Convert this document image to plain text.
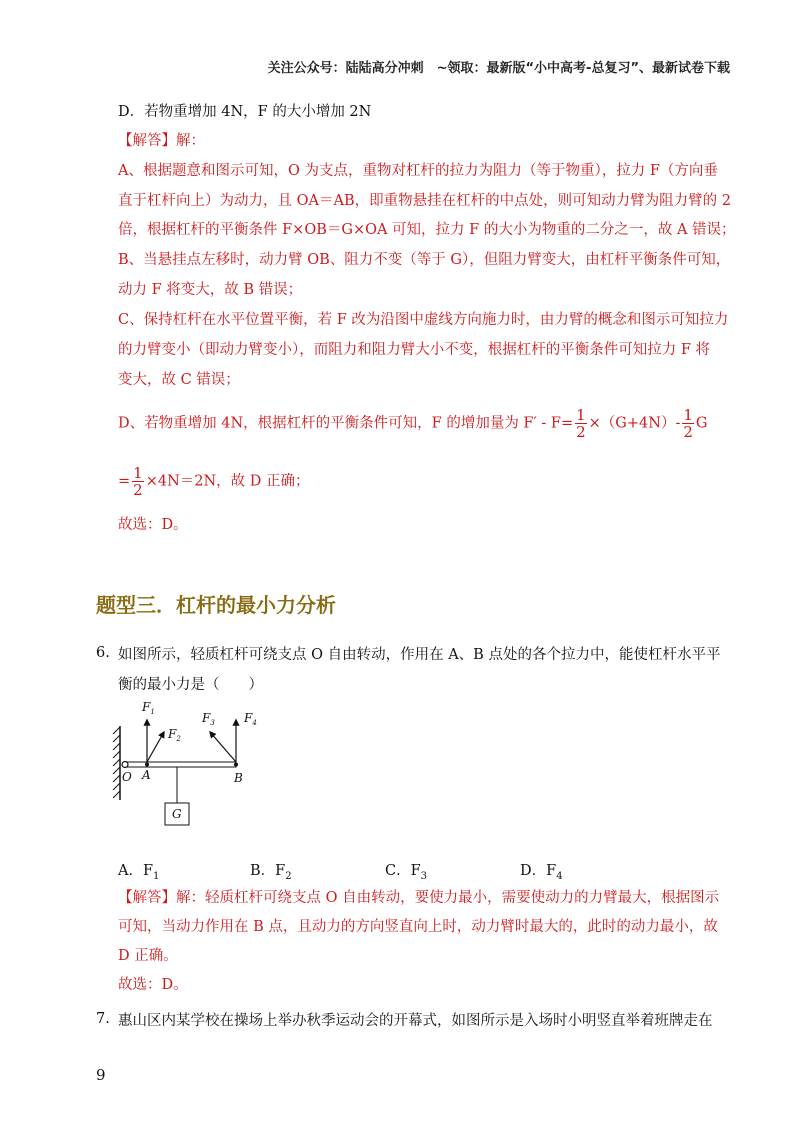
关注公众号：陆陆高分冲刺　~领取：最新版“小中高考-总复习”、最新试卷下载
D．若物重增加 4N，F 的大小增加 2N
【解答】解：
A、根据题意和图示可知，O 为支点，重物对杠杆的拉力为阻力（等于物重），拉力 F（方向垂
直于杠杆向上）为动力，且 OA＝AB，即重物悬挂在杠杆的中点处，则可知动力臂为阻力臂的 2
倍，根据杠杆的平衡条件 F×OB＝G×OA 可知，拉力 F 的大小为物重的二分之一，故 A 错误；
B、当悬挂点左移时，动力臂 OB、阻力不变（等于 G），但阻力臂变大，由杠杆平衡条件可知，
动力 F 将变大，故 B 错误；
C、保持杠杆在水平位置平衡，若 F 改为沿图中虚线方向施力时，由力臂的概念和图示可知拉力
的力臂变小（即动力臂变小），而阻力和阻力臂大小不变，根据杠杆的平衡条件可知拉力 F 将
变大，故 C 错误；
D、若物重增加 4N，根据杠杆的平衡条件可知，F 的增加量为 $F' - F= \frac{1}{2} \times(G+4N)- \frac{1}{2}$ G
= $\frac{1}{2} \times 4N=2N$，故 D 正确；
故选：D。
题型三．杠杆的最小力分析
6. 如图所示，轻质杠杆可绕支点 O 自由转动，作用在 A、B 点处的各个拉力中，能使杠杆水平平
衡的最小力是（　　）
$F_1$
$F_2$
$F_3$ $F_4$
O A	B
G
A．$F_1$	B．$F_2$	C．$F_3$	D．$F_4$
【解答】解：轻质杠杆可绕支点 O 自由转动，要使力最小，需要使动力的力臂最大，根据图示
可知，当动力作用在 B 点，且动力的方向竖直向上时，动力臂时最大的，此时的动力最小，故
D 正确。
故选：D。
7. 惠山区内某学校在操场上举办秋季运动会的开幕式，如图所示是入场时小明竖直举着班牌走在
9
